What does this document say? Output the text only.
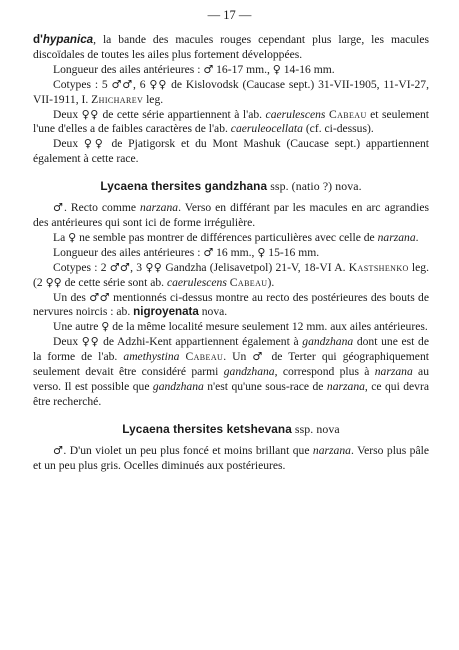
— 17 —

d'hypanica, la bande des macules rouges cependant plus large, les macules discoïdales de toutes les ailes plus fortement développées.

Longueur des ailes antérieures : ♂ 16-17 mm., ♀ 14-16 mm.

Cotypes : 5 ♂♂, 6 ♀♀ de Kislovodsk (Caucase sept.) 31-VII-1905, 11-VI-27, VII-1911, I. Zhicharev leg.

Deux ♀♀ de cette série appartiennent à l'ab. caerulescens Cabeau et seulement l'une d'elles a de faibles caractères de l'ab. caeruleocellata (cf. ci-dessus).

Deux ♀♀ de Pjatigorsk et du Mont Mashuk (Caucase sept.) appartiennent également à cette race.

Lycaena thersites gandzhana ssp. (natio ?) nova.

♂. Recto comme narzana. Verso en différant par les macules en arc agrandies des antérieures qui sont ici de forme irrégulière.

La ♀ ne semble pas montrer de différences particulières avec celle de narzana.

Longueur des ailes antérieures : ♂ 16 mm., ♀ 15-16 mm.

Cotypes : 2 ♂♂, 3 ♀♀ Gandzha (Jelisavetpol) 21-V, 18-VI A. Kastshenko leg. (2 ♀♀ de cette série sont ab. caerulescens Cabeau).

Un des ♂♂ mentionnés ci-dessus montre au recto des postérieures des bouts de nervures noircis : ab. nigroyenata nova.

Une autre ♀ de la même localité mesure seulement 12 mm. aux ailes antérieures.

Deux ♀♀ de Adzhi-Kent appartiennent également à gandzhana dont une est de la forme de l'ab. amethystina Cabeau. Un ♂ de Terter qui géographiquement seulement devait être considéré parmi gandzhana, correspond plus à narzana au verso. Il est possible que gandzhana n'est qu'une sous-race de narzana, ce qui devra être recherché.

Lycaena thersites ketshevana ssp. nova

♂. D'un violet un peu plus foncé et moins brillant que narzana. Verso plus pâle et un peu plus gris. Ocelles diminués aux postérieures.
